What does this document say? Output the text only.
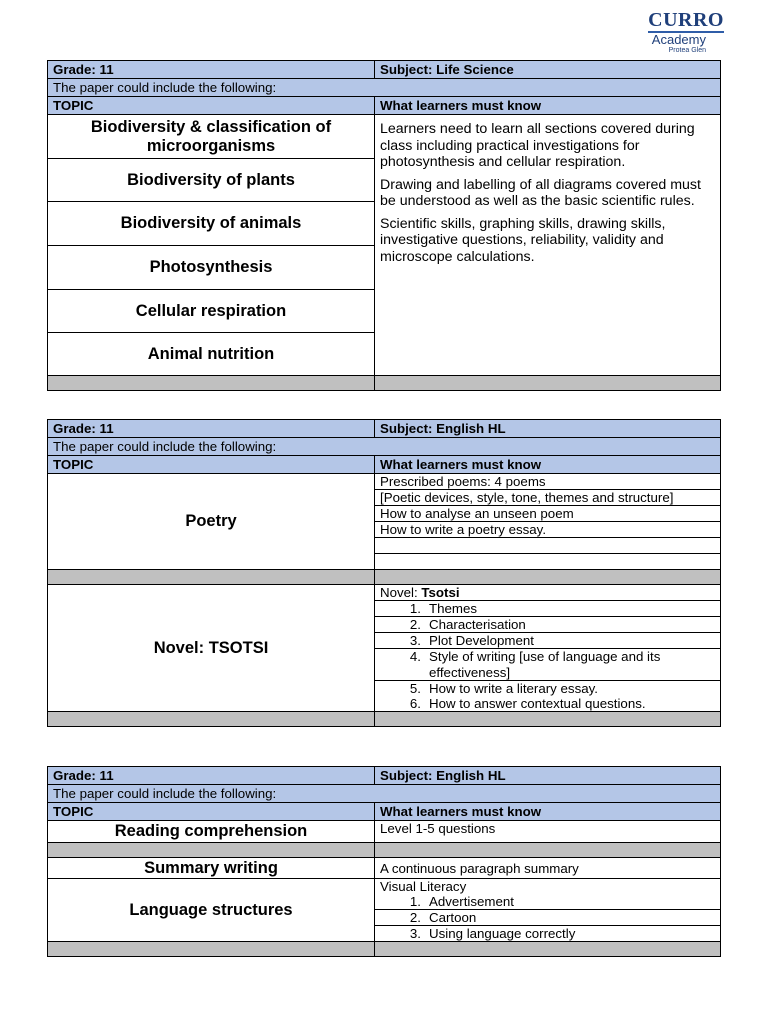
CURRO
Academy
Protea Glen
Grade: 11	Subject: Life Science
The paper could include the following:	
TOPIC	What learners must know
Biodiversity & classification of microorganisms	Learners need to learn all sections covered during class including practical investigations for photosynthesis and cellular respiration.

Drawing and labelling of all diagrams covered must be understood as well as the basic scientific rules.

Scientific skills, graphing skills, drawing skills, investigative questions, reliability, validity and microscope calculations.

Biodiversity of plants	
Biodiversity of animals	
Photosynthesis	
Cellular respiration	
Animal nutrition	

Grade: 11	Subject: English HL
The paper could include the following:	
TOPIC	What learners must know
Poetry	Prescribed poems: 4 poems
	[Poetic devices, style, tone, themes and structure]
	How to analyse an unseen poem
	How to write a poetry essay.

Novel: TSOTSI	Novel: Tsotsi

	1. Themes

	2. Characterisation

	3. Plot Development

	4. Style of writing [use of language and its effectiveness]

	5. How to write a literary essay.

	6. How to answer contextual questions.

Grade: 11	Subject: English HL
The paper could include the following:	
TOPIC	What learners must know
Reading comprehension	Level 1-5 questions

Summary writing	A continuous paragraph summary
Language structures	Visual Literacy

	1. Advertisement

	2. Cartoon

	3. Using language correctly
